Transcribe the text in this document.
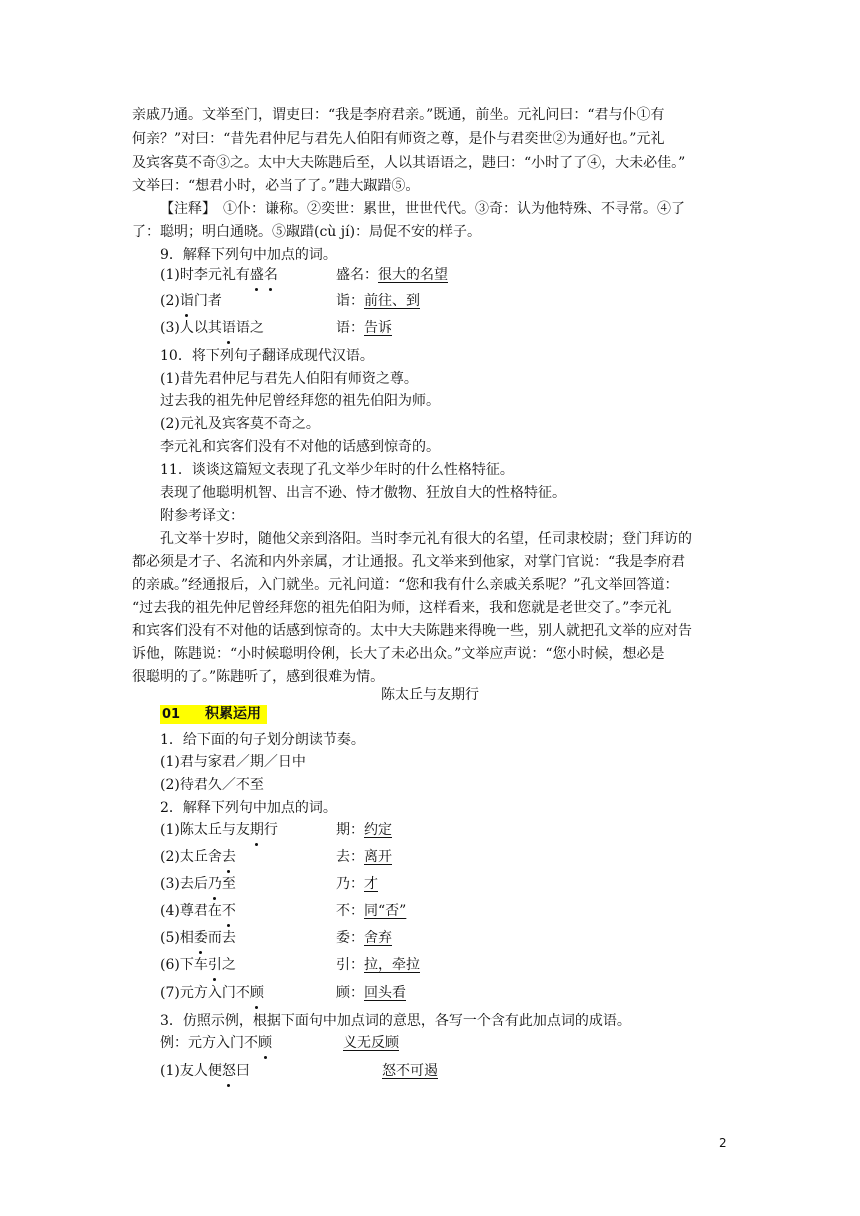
亲戚乃通。文举至门，谓吏曰：“我是李府君亲。”既通，前坐。元礼问曰：“君与仆①有
何亲？”对曰：“昔先君仲尼与君先人伯阳有师资之尊，是仆与君奕世②为通好也。”元礼
及宾客莫不奇③之。太中大夫陈韪后至，人以其语语之，韪曰：“小时了了④，大未必佳。”
文举曰：“想君小时，必当了了。”韪大踧踖⑤。
【注释】　①仆：谦称。②奕世：累世，世世代代。③奇：认为他特殊、不寻常。④了
了：聪明；明白通晓。⑤踧踖(cù jí)：局促不安的样子。
9．解释下列句中加点的词。
(1)时李元礼有盛名	盛名：很大的名望
(2)诣门者	诣：前往、到
(3)人以其语语之	语：告诉
10．将下列句子翻译成现代汉语。
(1)昔先君仲尼与君先人伯阳有师资之尊。
过去我的祖先仲尼曾经拜您的祖先伯阳为师。
(2)元礼及宾客莫不奇之。
李元礼和宾客们没有不对他的话感到惊奇的。
11．谈谈这篇短文表现了孔文举少年时的什么性格特征。
表现了他聪明机智、出言不逊、恃才傲物、狂放自大的性格特征。
附参考译文：
孔文举十岁时，随他父亲到洛阳。当时李元礼有很大的名望，任司隶校尉；登门拜访的
都必须是才子、名流和内外亲属，才让通报。孔文举来到他家，对掌门官说：“我是李府君
的亲戚。”经通报后，入门就坐。元礼问道：“您和我有什么亲戚关系呢？”孔文举回答道：
“过去我的祖先仲尼曾经拜您的祖先伯阳为师，这样看来，我和您就是老世交了。”李元礼
和宾客们没有不对他的话感到惊奇的。太中大夫陈韪来得晚一些，别人就把孔文举的应对告
诉他，陈韪说：“小时候聪明伶俐，长大了未必出众。”文举应声说：“您小时候，想必是
很聪明的了。”陈韪听了，感到很难为情。
陈太丘与友期行
01 积累运用
1．给下面的句子划分朗读节奏。
(1)君与家君／期／日中
(2)待君久／不至
2．解释下列句中加点的词。
(1)陈太丘与友期行	期：约定
(2)太丘舍去	去：离开
(3)去后乃至	乃：才
(4)尊君在不	不：同“否”
(5)相委而去	委：舍弃
(6)下车引之	引：拉，牵拉
(7)元方入门不顾	顾：回头看
3．仿照示例，根据下面句中加点词的意思，各写一个含有此加点词的成语。
例：元方入门不顾	义无反顾
(1)友人便怒曰	怒不可遏
2
